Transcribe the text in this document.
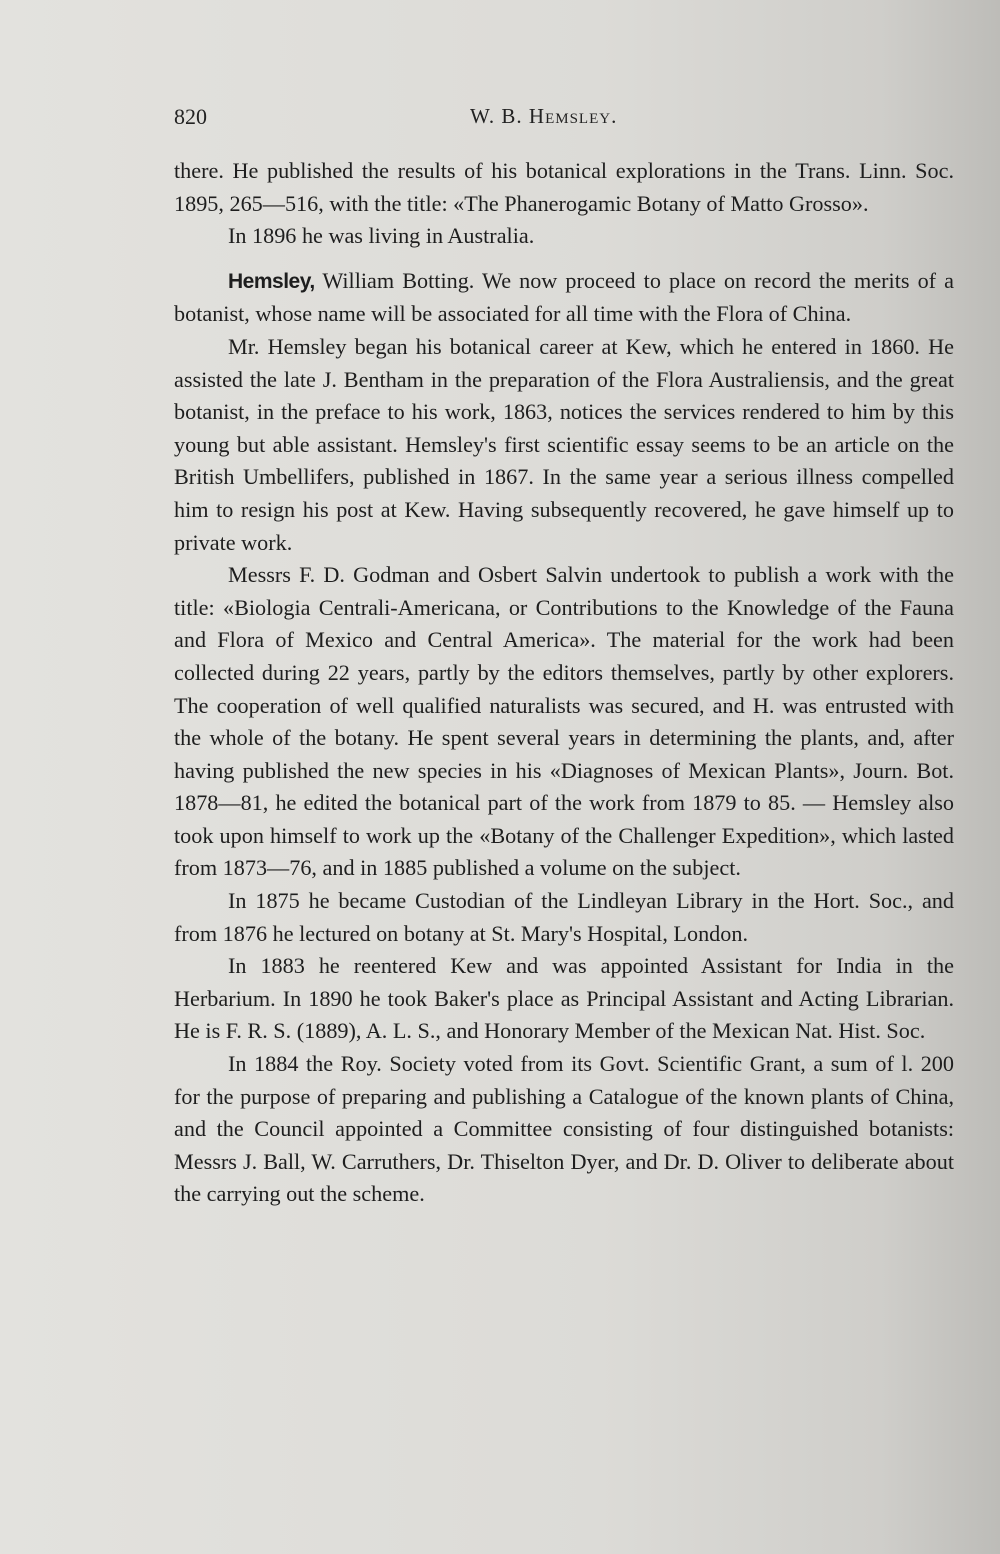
820	W. B. Hemsley.

there. He published the results of his botanical explorations in the Trans. Linn. Soc. 1895, 265—516, with the title: «The Phanerogamic Botany of Matto Grosso».

In 1896 he was living in Australia.

Hemsley, William Botting. We now proceed to place on record the merits of a botanist, whose name will be associated for all time with the Flora of China.

Mr. Hemsley began his botanical career at Kew, which he entered in 1860. He assisted the late J. Bentham in the preparation of the Flora Australiensis, and the great botanist, in the preface to his work, 1863, notices the services rendered to him by this young but able assistant. Hemsley's first scientific essay seems to be an article on the British Umbellifers, published in 1867. In the same year a serious illness compelled him to resign his post at Kew. Having subsequently recovered, he gave himself up to private work.

Messrs F. D. Godman and Osbert Salvin undertook to publish a work with the title: «Biologia Centrali-Americana, or Contributions to the Knowledge of the Fauna and Flora of Mexico and Central America». The material for the work had been collected during 22 years, partly by the editors themselves, partly by other explorers. The cooperation of well qualified naturalists was secured, and H. was entrusted with the whole of the botany. He spent several years in determining the plants, and, after having published the new species in his «Diagnoses of Mexican Plants», Journ. Bot. 1878—81, he edited the botanical part of the work from 1879 to 85. — Hemsley also took upon himself to work up the «Botany of the Challenger Expedition», which lasted from 1873—76, and in 1885 published a volume on the subject.

In 1875 he became Custodian of the Lindleyan Library in the Hort. Soc., and from 1876 he lectured on botany at St. Mary's Hospital, London.

In 1883 he reentered Kew and was appointed Assistant for India in the Herbarium. In 1890 he took Baker's place as Principal Assistant and Acting Librarian. He is F. R. S. (1889), A. L. S., and Honorary Member of the Mexican Nat. Hist. Soc.

In 1884 the Roy. Society voted from its Govt. Scientific Grant, a sum of l. 200 for the purpose of preparing and publishing a Catalogue of the known plants of China, and the Council appointed a Committee consisting of four distinguished botanists: Messrs J. Ball, W. Carruthers, Dr. Thiselton Dyer, and Dr. D. Oliver to deliberate about the carrying out the scheme.
